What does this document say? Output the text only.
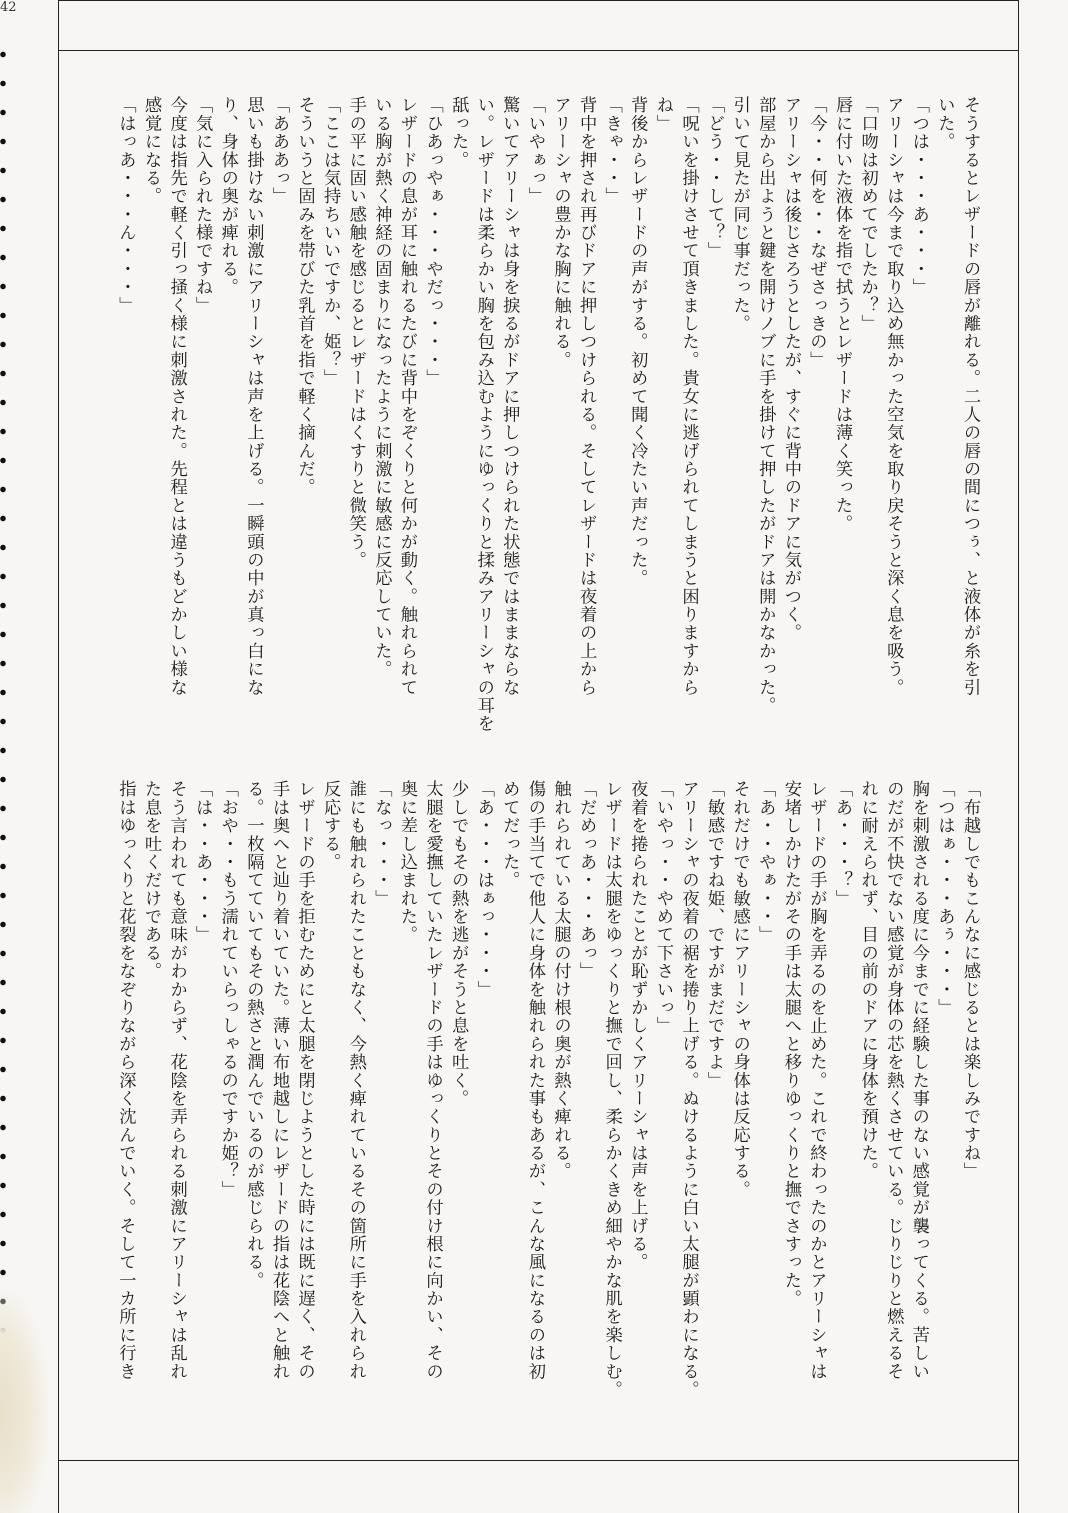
42
そうするとレザードの唇が離れる。二人の唇の間につぅ、と液体が糸を引
いた。
「つは・・・あ・・・」
アリーシャは今まで取り込め無かった空気を取り戻そうと深く息を吸う。
「口吻は初めてでしたか？」
唇に付いた液体を指で拭うとレザードは薄く笑った。
「今・・何を・・なぜさっきの」
アリーシャは後じさろうとしたが、すぐに背中のドアに気がつく。
部屋から出ようと鍵を開けノブに手を掛けて押したがドアは開かなかった。
引いて見たが同じ事だった。
「どう・・して？」
「呪いを掛けさせて頂きました。貴女に逃げられてしまうと困りますから
ね」
背後からレザードの声がする。初めて聞く冷たい声だった。
「きゃ・・」
背中を押され再びドアに押しつけられる。そしてレザードは夜着の上から
アリーシャの豊かな胸に触れる。
「いやぁっ」
驚いてアリーシャは身を捩るがドアに押しつけられた状態ではままならな
い。レザードは柔らかい胸を包み込むようにゆっくりと揉みアリーシャの耳を
舐った。
「ひあっやぁ・・・やだっ・・・」
レザードの息が耳に触れるたびに背中をぞくりと何かが動く。触れられて
いる胸が熱く神経の固まりになったように刺激に敏感に反応していた。
手の平に固い感触を感じるとレザードはくすりと微笑う。
「ここは気持ちいいですか、姫？」
そういうと固みを帯びた乳首を指で軽く摘んだ。
「あああっ」
思いも掛けない刺激にアリーシャは声を上げる。一瞬頭の中が真っ白にな
り、身体の奥が痺れる。
「気に入られた様ですね」
今度は指先で軽く引っ掻く様に刺激された。先程とは違うもどかしい様な
感覚になる。
「はっあ・・・ん・・・」
「布越しでもこんなに感じるとは楽しみですね」
「つはぁ・・・あぅ・・・」
胸を刺激される度に今までに経験した事のない感覚が襲ってくる。苦しい
のだが不快でない感覚が身体の芯を熱くさせている。じりじりと燃えるそ
れに耐えられず、目の前のドアに身体を預けた。
「あ・・・？」
レザードの手が胸を弄るのを止めた。これで終わったのかとアリーシャは
安堵しかけたがその手は太腿へと移りゆっくりと撫でさすった。
「あ・・やぁ・・」
それだけでも敏感にアリーシャの身体は反応する。
「敏感ですね姫、ですがまだですよ」
アリーシャの夜着の裾を捲り上げる。ぬけるように白い太腿が顕わになる。
「いやっ・・やめて下さいっ」
夜着を捲られたことが恥ずかしくアリーシャは声を上げる。
レザードは太腿をゆっくりと撫で回し、柔らかくきめ細やかな肌を楽しむ。
「だめっあ・・・あっ」
触れられている太腿の付け根の奥が熱く痺れる。
傷の手当てで他人に身体を触れられた事もあるが、こんな風になるのは初
めてだった。
「あ・・・はぁっ・・・」
少しでもその熱を逃がそうと息を吐く。
太腿を愛撫していたレザードの手はゆっくりとその付け根に向かい、その
奥に差し込まれた。
「なっ・・・」
誰にも触れられたこともなく、今熱く痺れているその箇所に手を入れられ
反応する。
レザードの手を拒むためにと太腿を閉じようとした時には既に遅く、その
手は奥へと辿り着いていた。薄い布地越しにレザードの指は花陰へと触れ
る。一枚隔てていてもその熱さと潤んでいるのが感じられる。
「おや・・もう濡れていらっしゃるのですか姫？」
「は・・あ・・・」
そう言われても意味がわからず、花陰を弄られる刺激にアリーシャは乱れ
た息を吐くだけである。
指はゆっくりと花裂をなぞりながら深く沈んでいく。そして一カ所に行き
